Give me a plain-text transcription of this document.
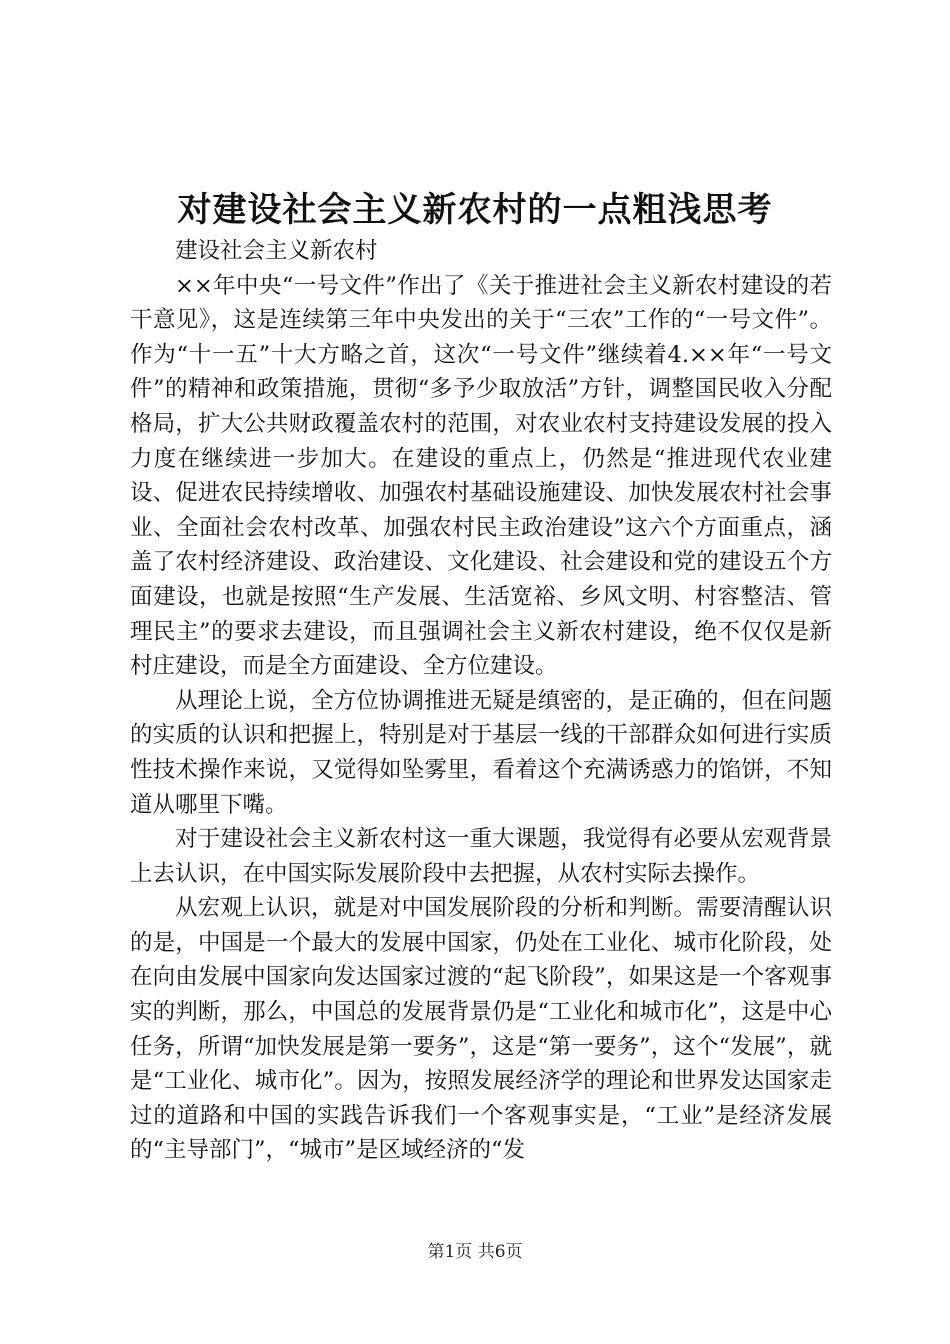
对建设社会主义新农村的一点粗浅思考

建设社会主义新农村

××年中央“一号文件”作出了《关于推进社会主义新农村建设的若干意见》，这是连续第三年中央发出的关于“三农”工作的“一号文件”。作为“十一五”十大方略之首，这次“一号文件”继续着4.××年“一号文件”的精神和政策措施，贯彻“多予少取放活”方针，调整国民收入分配格局，扩大公共财政覆盖农村的范围，对农业农村支持建设发展的投入力度在继续进一步加大。在建设的重点上，仍然是“推进现代农业建设、促进农民持续增收、加强农村基础设施建设、加快发展农村社会事业、全面社会农村改革、加强农村民主政治建设”这六个方面重点，涵盖了农村经济建设、政治建设、文化建设、社会建设和党的建设五个方面建设，也就是按照“生产发展、生活宽裕、乡风文明、村容整洁、管理民主”的要求去建设，而且强调社会主义新农村建设，绝不仅仅是新村庄建设，而是全方面建设、全方位建设。

从理论上说，全方位协调推进无疑是缜密的，是正确的，但在问题的实质的认识和把握上，特别是对于基层一线的干部群众如何进行实质性技术操作来说，又觉得如坠雾里，看着这个充满诱惑力的馅饼，不知道从哪里下嘴。

对于建设社会主义新农村这一重大课题，我觉得有必要从宏观背景上去认识，在中国实际发展阶段中去把握，从农村实际去操作。

从宏观上认识，就是对中国发展阶段的分析和判断。需要清醒认识的是，中国是一个最大的发展中国家，仍处在工业化、城市化阶段，处在向由发展中国家向发达国家过渡的“起飞阶段”，如果这是一个客观事实的判断，那么，中国总的发展背景仍是“工业化和城市化”，这是中心任务，所谓“加快发展是第一要务”，这是“第一要务”，这个“发展”，就是“工业化、城市化”。因为，按照发展经济学的理论和世界发达国家走过的道路和中国的实践告诉我们一个客观事实是，“工业”是经济发展的“主导部门”，“城市”是区域经济的“发

第1页 共6页
